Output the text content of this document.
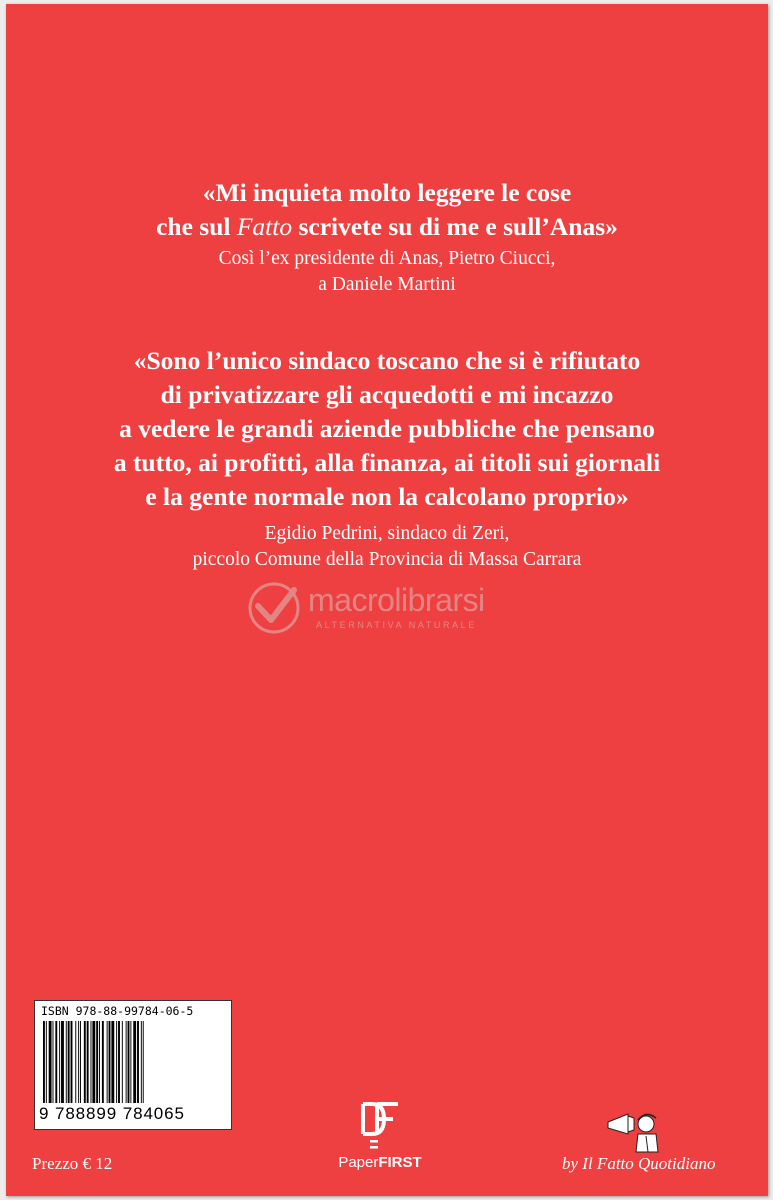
«Mi inquieta molto leggere le cose
che sul Fatto scrivete su di me e sull’Anas»
Così l’ex presidente di Anas, Pietro Ciucci,
a Daniele Martini
«Sono l’unico sindaco toscano che si è rifiutato
di privatizzare gli acquedotti e mi incazzo
a vedere le grandi aziende pubbliche che pensano
a tutto, ai profitti, alla finanza, ai titoli sui giornali
e la gente normale non la calcolano proprio»
Egidio Pedrini, sindaco di Zeri,
piccolo Comune della Provincia di Massa Carrara
macrolibrarsi
ALTERNATIVA NATURALE
ISBN 978-88-99784-06-5
9 788899 784065
Prezzo € 12	PaperFIRST	by Il Fatto Quotidiano
